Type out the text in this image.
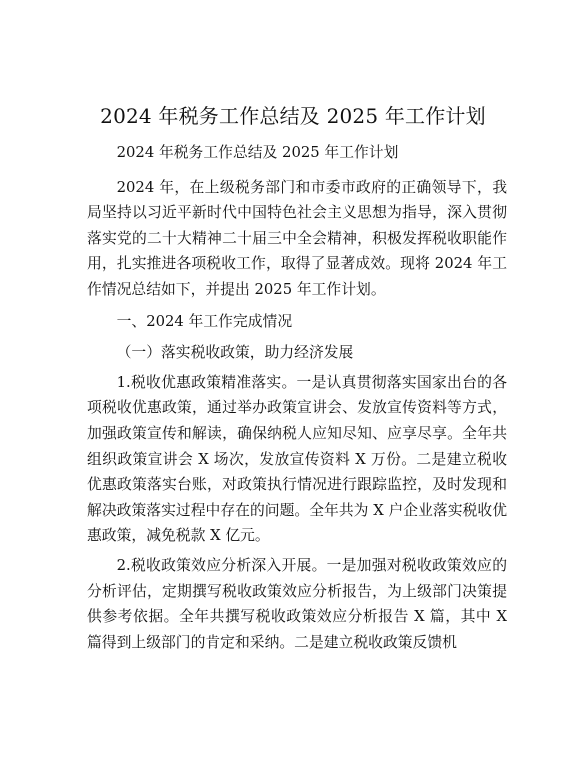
2024 年税务工作总结及 2025 年工作计划

2024 年税务工作总结及 2025 年工作计划

2024 年，在上级税务部门和市委市政府的正确领导下，我局坚持以习近平新时代中国特色社会主义思想为指导，深入贯彻落实党的二十大精神二十届三中全会精神，积极发挥税收职能作用，扎实推进各项税收工作，取得了显著成效。现将 2024 年工作情况总结如下，并提出 2025 年工作计划。

一、2024 年工作完成情况

（一）落实税收政策，助力经济发展

1.税收优惠政策精准落实。一是认真贯彻落实国家出台的各项税收优惠政策，通过举办政策宣讲会、发放宣传资料等方式，加强政策宣传和解读，确保纳税人应知尽知、应享尽享。全年共组织政策宣讲会 X 场次，发放宣传资料 X 万份。二是建立税收优惠政策落实台账，对政策执行情况进行跟踪监控，及时发现和解决政策落实过程中存在的问题。全年共为 X 户企业落实税收优惠政策，减免税款 X 亿元。

2.税收政策效应分析深入开展。一是加强对税收政策效应的分析评估，定期撰写税收政策效应分析报告，为上级部门决策提供参考依据。全年共撰写税收政策效应分析报告 X 篇，其中 X 篇得到上级部门的肯定和采纳。二是建立税收政策反馈机
